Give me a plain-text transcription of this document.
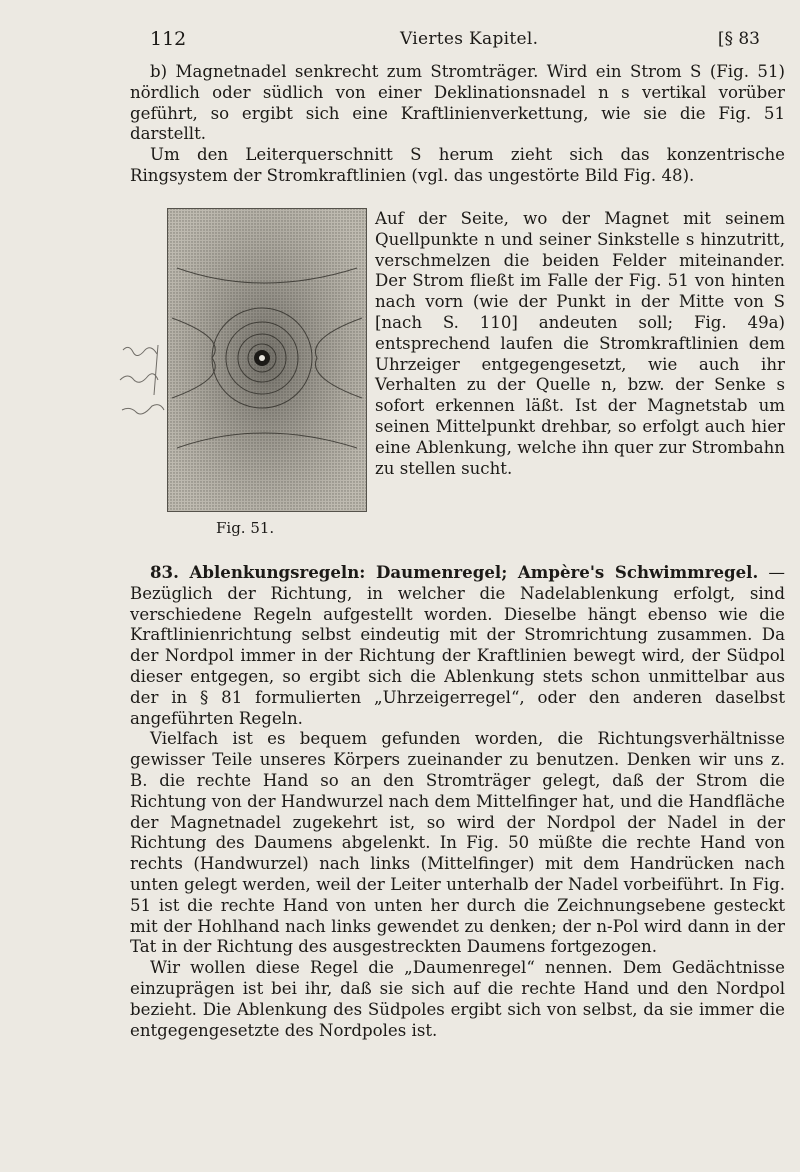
112	Viertes Kapitel.	[§ 83

b) Magnetnadel senkrecht zum Stromträger. Wird ein Strom S (Fig. 51) nördlich oder südlich von einer Deklinationsnadel n s vertikal vorüber geführt, so ergibt sich eine Kraftlinienverkettung, wie sie die Fig. 51 darstellt.

Um den Leiterquerschnitt S herum zieht sich das konzentrische Ringsystem der Stromkraftlinien (vgl. das ungestörte Bild Fig. 48).

Fig. 51.

Auf der Seite, wo der Magnet mit seinem Quellpunkte n und seiner Sinkstelle s hinzutritt, verschmelzen die beiden Felder miteinander. Der Strom fließt im Falle der Fig. 51 von hinten nach vorn (wie der Punkt in der Mitte von S [nach S. 110] andeuten soll; Fig. 49a) entsprechend laufen die Stromkraftlinien dem Uhrzeiger entgegengesetzt, wie auch ihr Verhalten zu der Quelle n, bzw. der Senke s sofort erkennen läßt. Ist der Magnetstab um seinen Mittelpunkt drehbar, so erfolgt auch hier eine Ablenkung, welche ihn quer zur Strombahn zu stellen sucht.

83. Ablenkungsregeln: Daumenregel; Ampère's Schwimmregel. — Bezüglich der Richtung, in welcher die Nadelablenkung erfolgt, sind verschiedene Regeln aufgestellt worden. Dieselbe hängt ebenso wie die Kraftlinienrichtung selbst eindeutig mit der Stromrichtung zusammen. Da der Nordpol immer in der Richtung der Kraftlinien bewegt wird, der Südpol dieser entgegen, so ergibt sich die Ablenkung stets schon unmittelbar aus der in § 81 formulierten „Uhrzeigerregel“, oder den anderen daselbst angeführten Regeln.

Vielfach ist es bequem gefunden worden, die Richtungsverhältnisse gewisser Teile unseres Körpers zueinander zu benutzen. Denken wir uns z. B. die rechte Hand so an den Stromträger gelegt, daß der Strom die Richtung von der Handwurzel nach dem Mittelfinger hat, und die Handfläche der Magnetnadel zugekehrt ist, so wird der Nordpol der Nadel in der Richtung des Daumens abgelenkt. In Fig. 50 müßte die rechte Hand von rechts (Handwurzel) nach links (Mittelfinger) mit dem Handrücken nach unten gelegt werden, weil der Leiter unterhalb der Nadel vorbeiführt. In Fig. 51 ist die rechte Hand von unten her durch die Zeichnungsebene gesteckt mit der Hohlhand nach links gewendet zu denken; der n-Pol wird dann in der Tat in der Richtung des ausgestreckten Daumens fortgezogen.

Wir wollen diese Regel die „Daumenregel“ nennen. Dem Gedächtnisse einzuprägen ist bei ihr, daß sie sich auf die rechte Hand und den Nordpol bezieht. Die Ablenkung des Südpoles ergibt sich von selbst, da sie immer die entgegengesetzte des Nordpoles ist.
